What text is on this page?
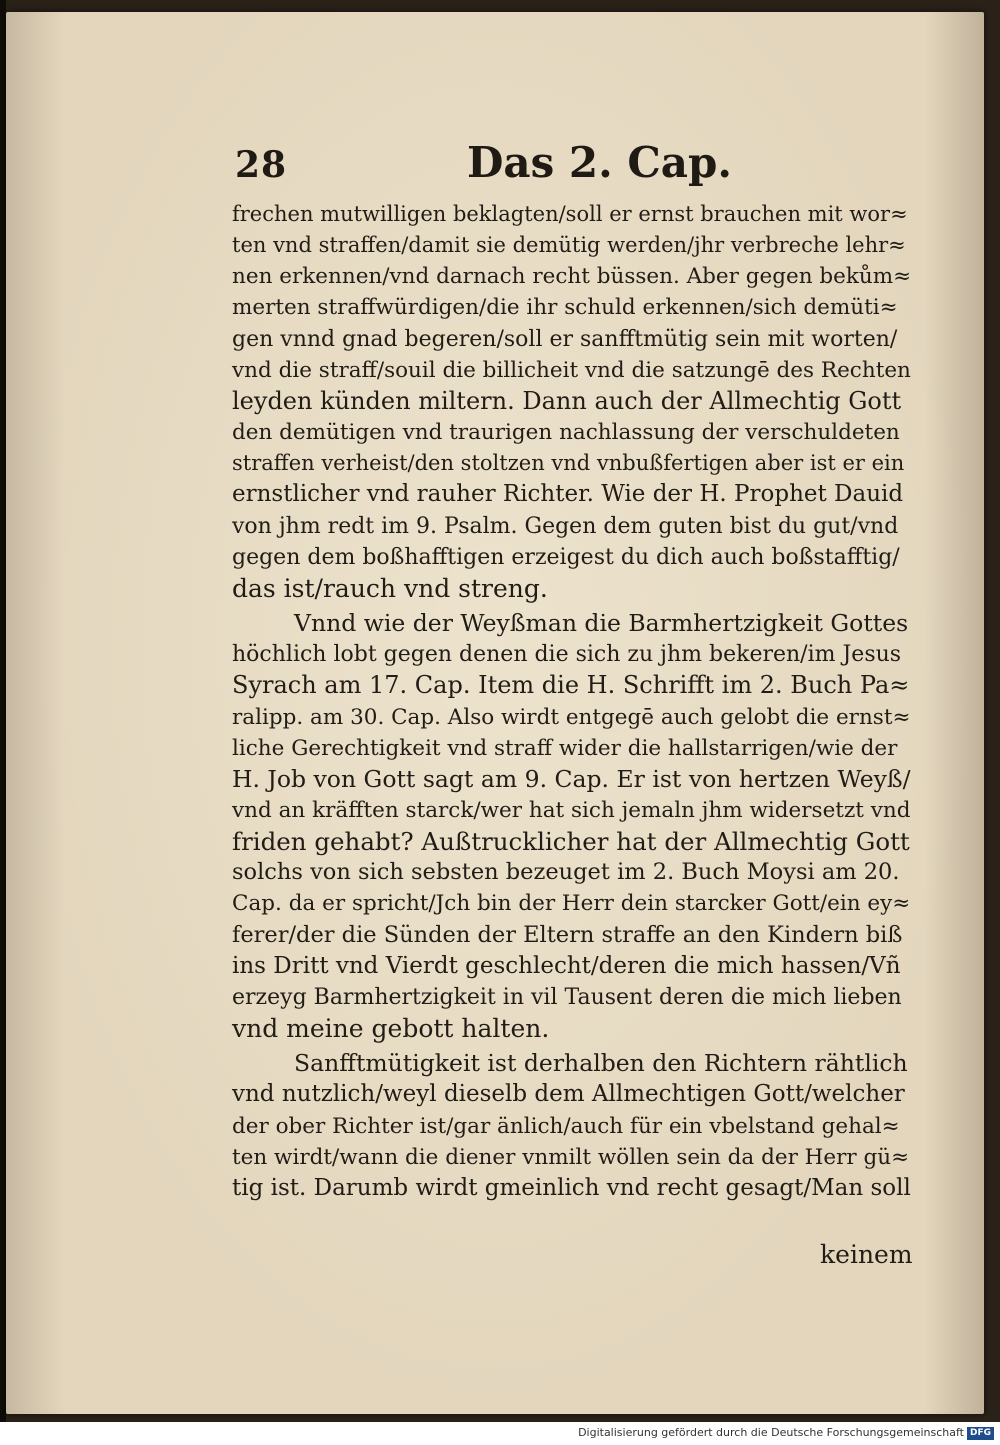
28	Das 2. Cap.

frechen mutwilligen beklagten/soll er ernst brauchen mit wor≈
ten vnd straffen/damit sie demütig werden/jhr verbreche lehr≈
nen erkennen/vnd darnach recht büssen. Aber gegen bekům≈
merten straffwürdigen/die ihr schuld erkennen/sich demüti≈
gen vnnd gnad begeren/soll er sanfftmütig sein mit worten/
vnd die straff/souil die billicheit vnd die satzungē des Rechten
leyden künden miltern. Dann auch der Allmechtig Gott
den demütigen vnd traurigen nachlassung der verschuldeten
straffen verheist/den stoltzen vnd vnbußfertigen aber ist er ein
ernstlicher vnd rauher Richter. Wie der H. Prophet Dauid
von jhm redt im 9. Psalm. Gegen dem guten bist du gut/vnd
gegen dem boßhafftigen erzeigest du dich auch boßstafftig/
das ist/rauch vnd streng.

Vnnd wie der Weyßman die Barmhertzigkeit Gottes
höchlich lobt gegen denen die sich zu jhm bekeren/im Jesus
Syrach am 17. Cap. Item die H. Schrifft im 2. Buch Pa≈
ralipp. am 30. Cap. Also wirdt entgegē auch gelobt die ernst≈
liche Gerechtigkeit vnd straff wider die hallstarrigen/wie der
H. Job von Gott sagt am 9. Cap. Er ist von hertzen Weyß/
vnd an kräfften starck/wer hat sich jemaln jhm widersetzt vnd
friden gehabt? Außtrucklicher hat der Allmechtig Gott
solchs von sich sebsten bezeuget im 2. Buch Moysi am 20.
Cap. da er spricht/Jch bin der Herr dein starcker Gott/ein ey≈
ferer/der die Sünden der Eltern straffe an den Kindern biß
ins Dritt vnd Vierdt geschlecht/deren die mich hassen/Vñ
erzeyg Barmhertzigkeit in vil Tausent deren die mich lieben
vnd meine gebott halten.

Sanfftmütigkeit ist derhalben den Richtern rähtlich
vnd nutzlich/weyl dieselb dem Allmechtigen Gott/welcher
der ober Richter ist/gar änlich/auch für ein vbelstand gehal≈
ten wirdt/wann die diener vnmilt wöllen sein da der Herr gü≈
tig ist. Darumb wirdt gmeinlich vnd recht gesagt/Man soll

keinem
Digitalisierung gefördert durch die Deutsche Forschungsgemeinschaft DFG
